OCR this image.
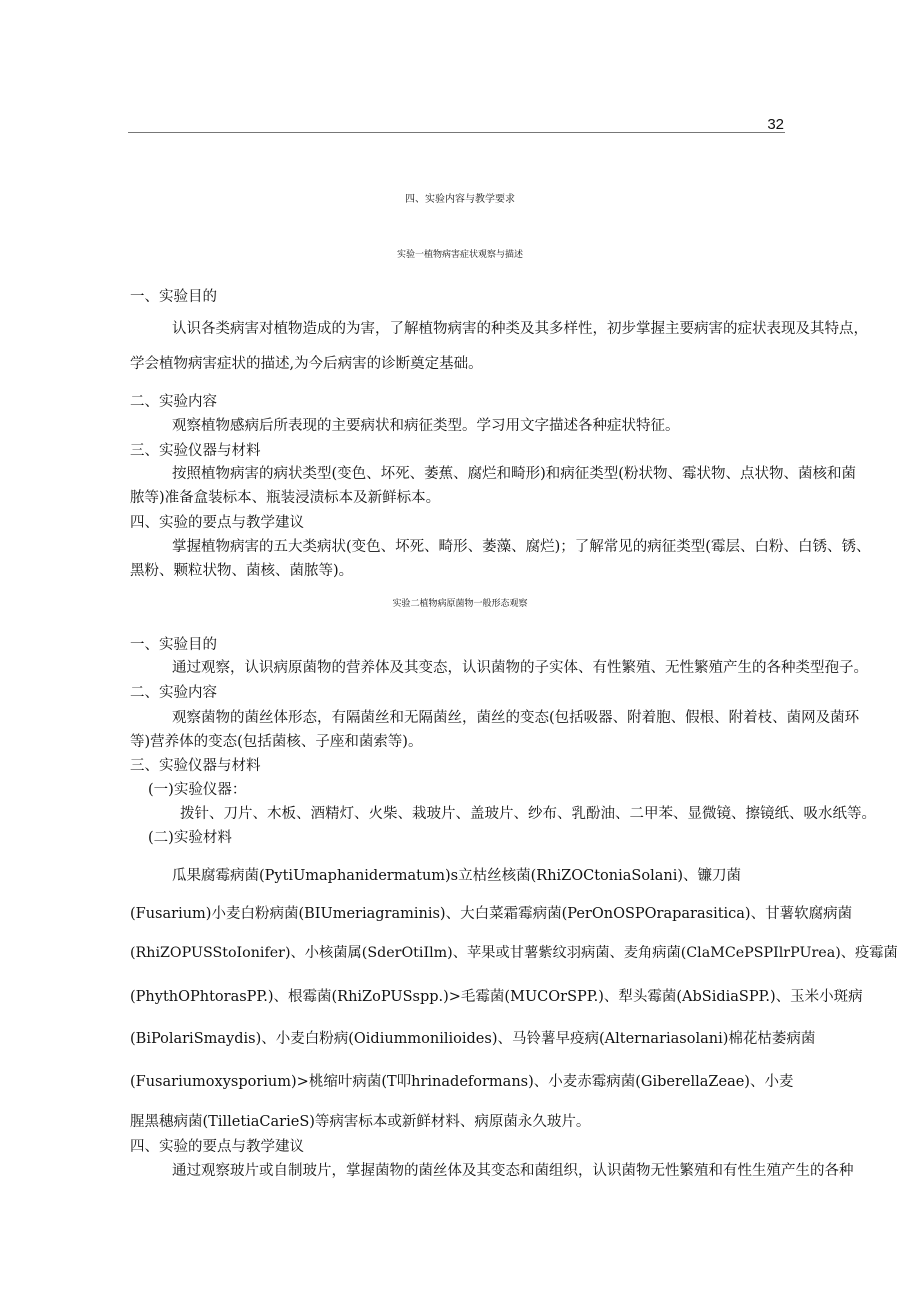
32
四、实验内容与教学要求
实验一植物病害症状观察与描述
一、实验目的
认识各类病害对植物造成的为害，了解植物病害的种类及其多样性，初步掌握主要病害的症状表现及其特点，
学会植物病害症状的描述,为今后病害的诊断奠定基础。
二、实验内容
观察植物感病后所表现的主要病状和病征类型。学习用文字描述各种症状特征。
三、实验仪器与材料
按照植物病害的病状类型(变色、坏死、萎蕉、腐烂和畸形)和病征类型(粉状物、霉状物、点状物、菌核和菌
脓等)准备盒装标本、瓶装浸渍标本及新鲜标本。
四、实验的要点与教学建议
掌握植物病害的五大类病状(变色、坏死、畸形、萎藻、腐烂)；了解常见的病征类型(霉层、白粉、白锈、锈、
黑粉、颗粒状物、菌核、菌脓等)。
实验二植物病原菌物一般形态观察
一、实验目的
通过观察，认识病原菌物的营养体及其变态，认识菌物的子实体、有性繁殖、无性繁殖产生的各种类型孢子。
二、实验内容
观察菌物的菌丝体形态，有隔菌丝和无隔菌丝，菌丝的变态(包括吸器、附着胞、假根、附着枝、菌网及菌环
等)营养体的变态(包括菌核、子座和菌索等)。
三、实验仪器与材料
(一)实验仪器：
拨针、刀片、木板、酒精灯、火柴、栽玻片、盖玻片、纱布、乳酚油、二甲苯、显微镜、擦镜纸、吸水纸等。
(二)实验材料
瓜果腐霉病菌(PytiUmaphanidermatum)s立枯丝核菌(RhiZOCtoniaSolani)、镰刀菌
(Fusarium)小麦白粉病菌(BIUmeriagraminis)、大白菜霜霉病菌(PerOnOSPOraparasitica)、甘薯软腐病菌
(RhiZOPUSStoIonifer)、小核菌属(SderOtiIlm)、苹果或甘薯紫纹羽病菌、麦角病菌(ClaMCePSPIlrPUrea)、疫霉菌
(PhythOPhtorasPP.)、根霉菌(RhiZoPUSspp.)>毛霉菌(MUCOrSPP.)、犁头霉菌(AbSidiaSPP.)、玉米小斑病
(BiPolariSmaydis)、小麦白粉病(Oidiummonilioides)、马铃薯早疫病(Alternariasolani)棉花枯萎病菌
(Fusariumoxysporium)>桃缩叶病菌(T叩hrinadeformans)、小麦赤霉病菌(GiberellaZeae)、小麦
腥黑穗病菌(TilletiaCarieS)等病害标本或新鲜材料、病原菌永久玻片。
四、实验的要点与教学建议
通过观察玻片或自制玻片，掌握菌物的菌丝体及其变态和菌组织，认识菌物无性繁殖和有性生殖产生的各种
